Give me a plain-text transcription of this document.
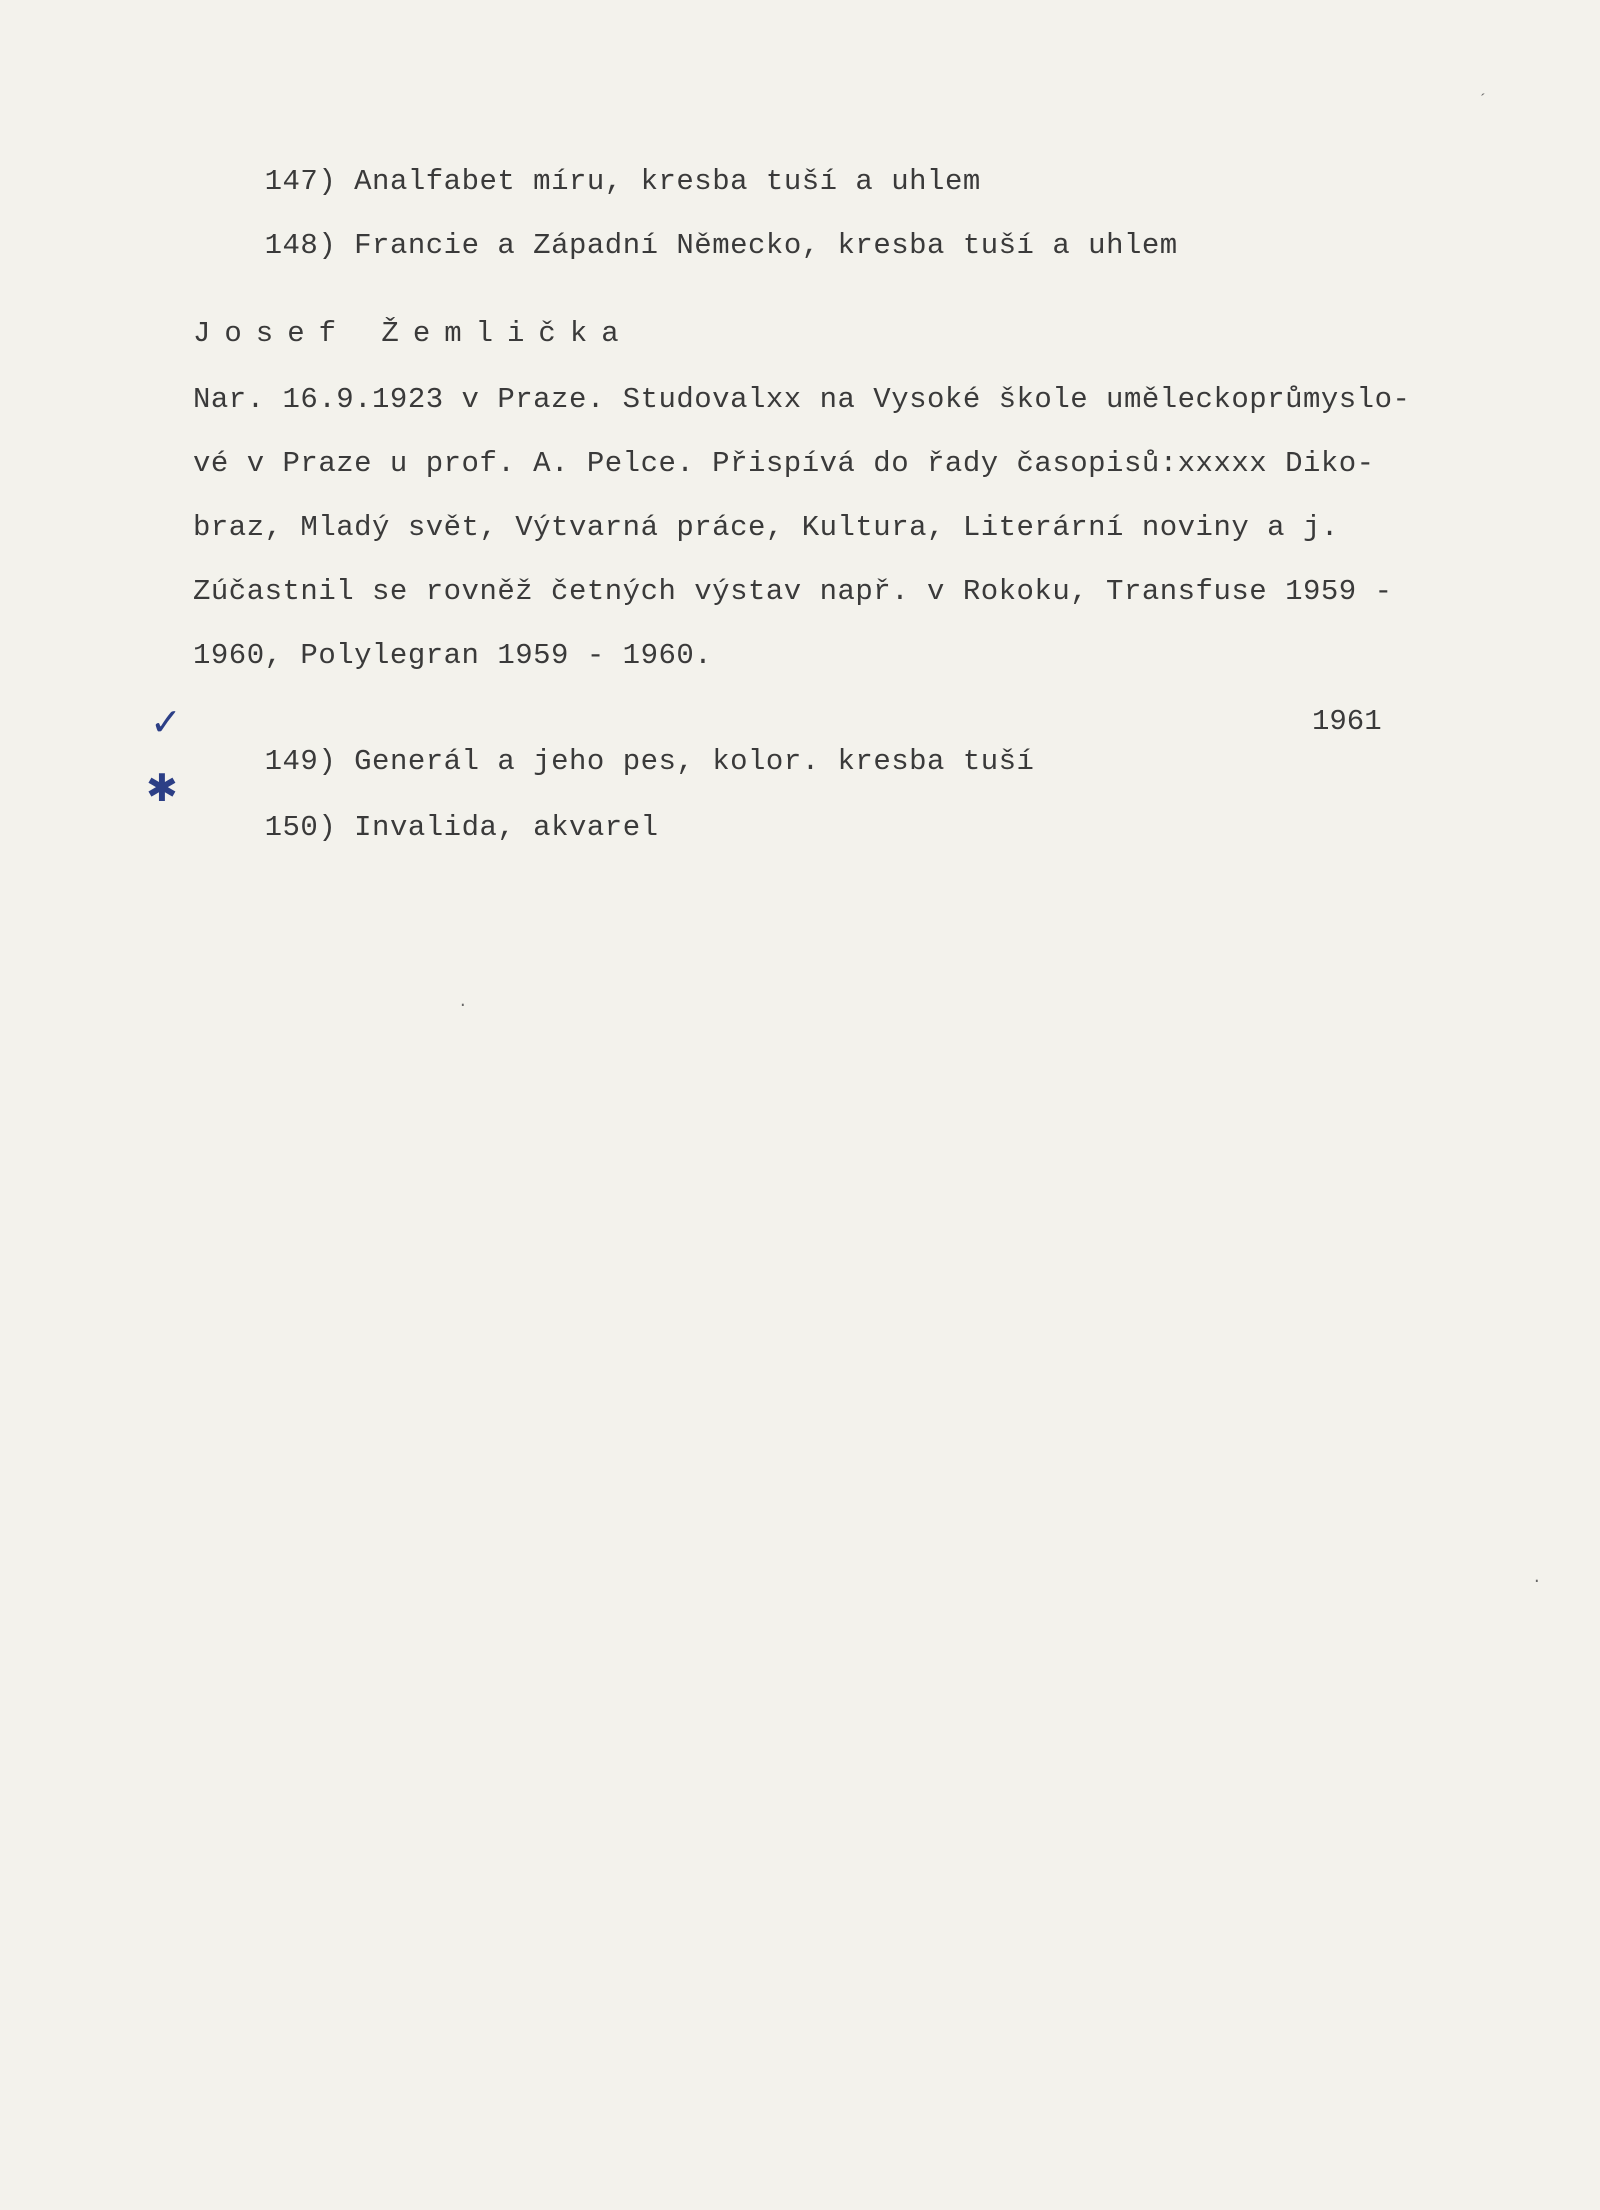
147) Analfabet míru, kresba tuší a uhlem

148) Francie a Západní Německo, kresba tuší a uhlem

Josef Žemlička
Nar. 16.9.1923 v Praze. Studovalxx na Vysoké škole uměleckoprůmyslo-
vé v Praze u prof. A. Pelce. Přispívá do řady časopisů:xxxxx Diko-
braz, Mladý svět, Výtvarná práce, Kultura, Literární noviny a j.
Zúčastnil se rovněž četných výstav např. v Rokoku, Transfuse 1959 -
1960, Polylegran 1959 - 1960.
✓

149) Generál a jeho pes, kolor. kresba tuší

1961
✱

150) Invalida, akvarel

´
·
·
